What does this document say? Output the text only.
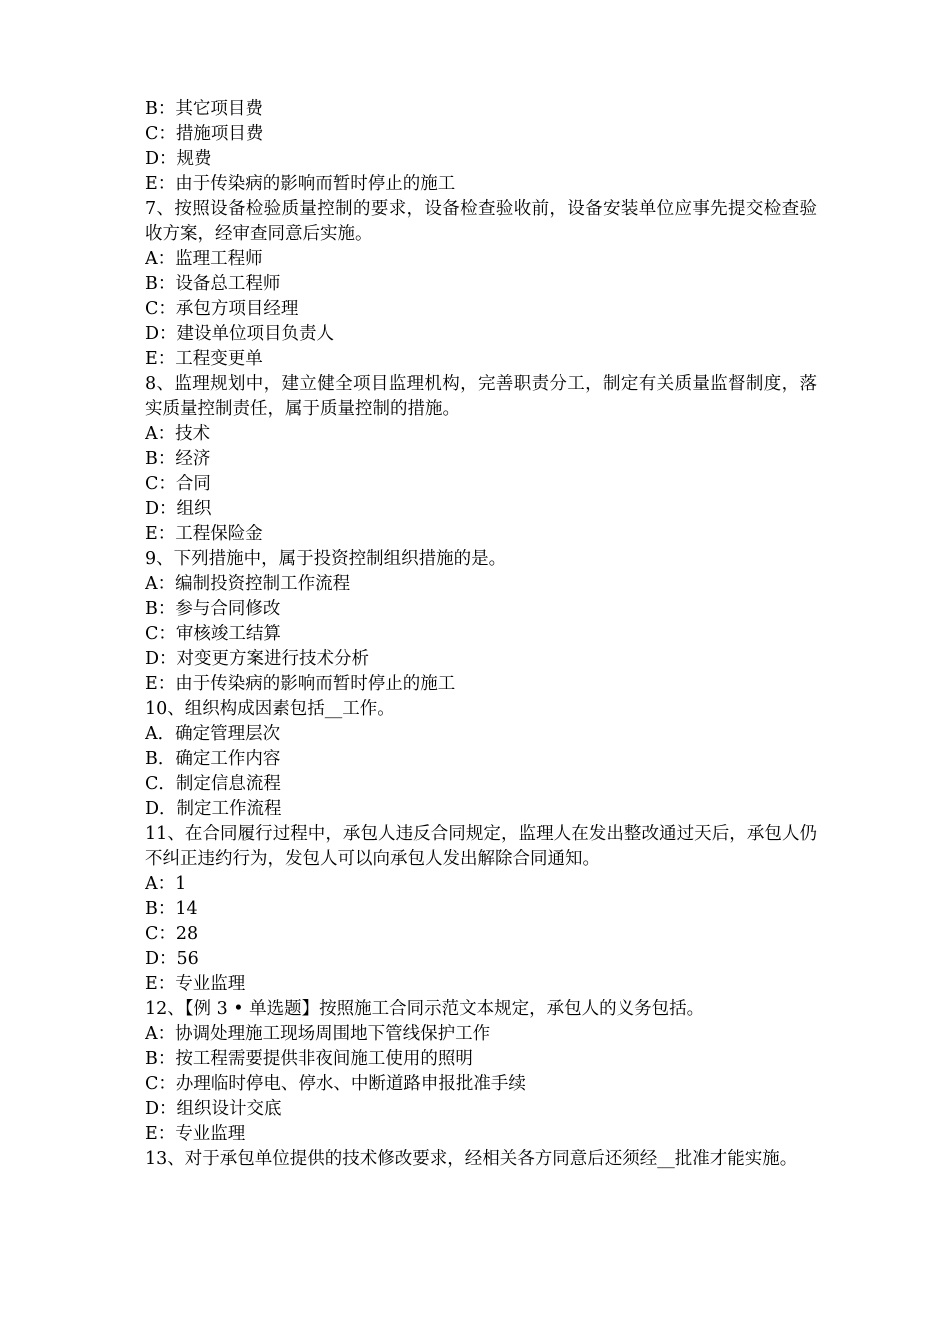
B：其它项目费
C：措施项目费
D：规费
E：由于传染病的影响而暂时停止的施工
7、按照设备检验质量控制的要求，设备检查验收前，设备安装单位应事先提交检查验收方案，经审查同意后实施。
A：监理工程师
B：设备总工程师
C：承包方项目经理
D：建设单位项目负责人
E：工程变更单
8、监理规划中，建立健全项目监理机构，完善职责分工，制定有关质量监督制度，落实质量控制责任，属于质量控制的措施。
A：技术
B：经济
C：合同
D：组织
E：工程保险金
9、下列措施中，属于投资控制组织措施的是。
A：编制投资控制工作流程
B：参与合同修改
C：审核竣工结算
D：对变更方案进行技术分析
E：由于传染病的影响而暂时停止的施工
10、组织构成因素包括__工作。
A．确定管理层次
B．确定工作内容
C．制定信息流程
D．制定工作流程
11、在合同履行过程中，承包人违反合同规定，监理人在发出整改通过天后，承包人仍不纠正违约行为，发包人可以向承包人发出解除合同通知。
A：1
B：14
C：28
D：56
E：专业监理
12、【例 3 • 单选题】按照施工合同示范文本规定，承包人的义务包括。
A：协调处理施工现场周围地下管线保护工作
B：按工程需要提供非夜间施工使用的照明
C：办理临时停电、停水、中断道路申报批准手续
D：组织设计交底
E：专业监理
13、对于承包单位提供的技术修改要求，经相关各方同意后还须经__批准才能实施。
